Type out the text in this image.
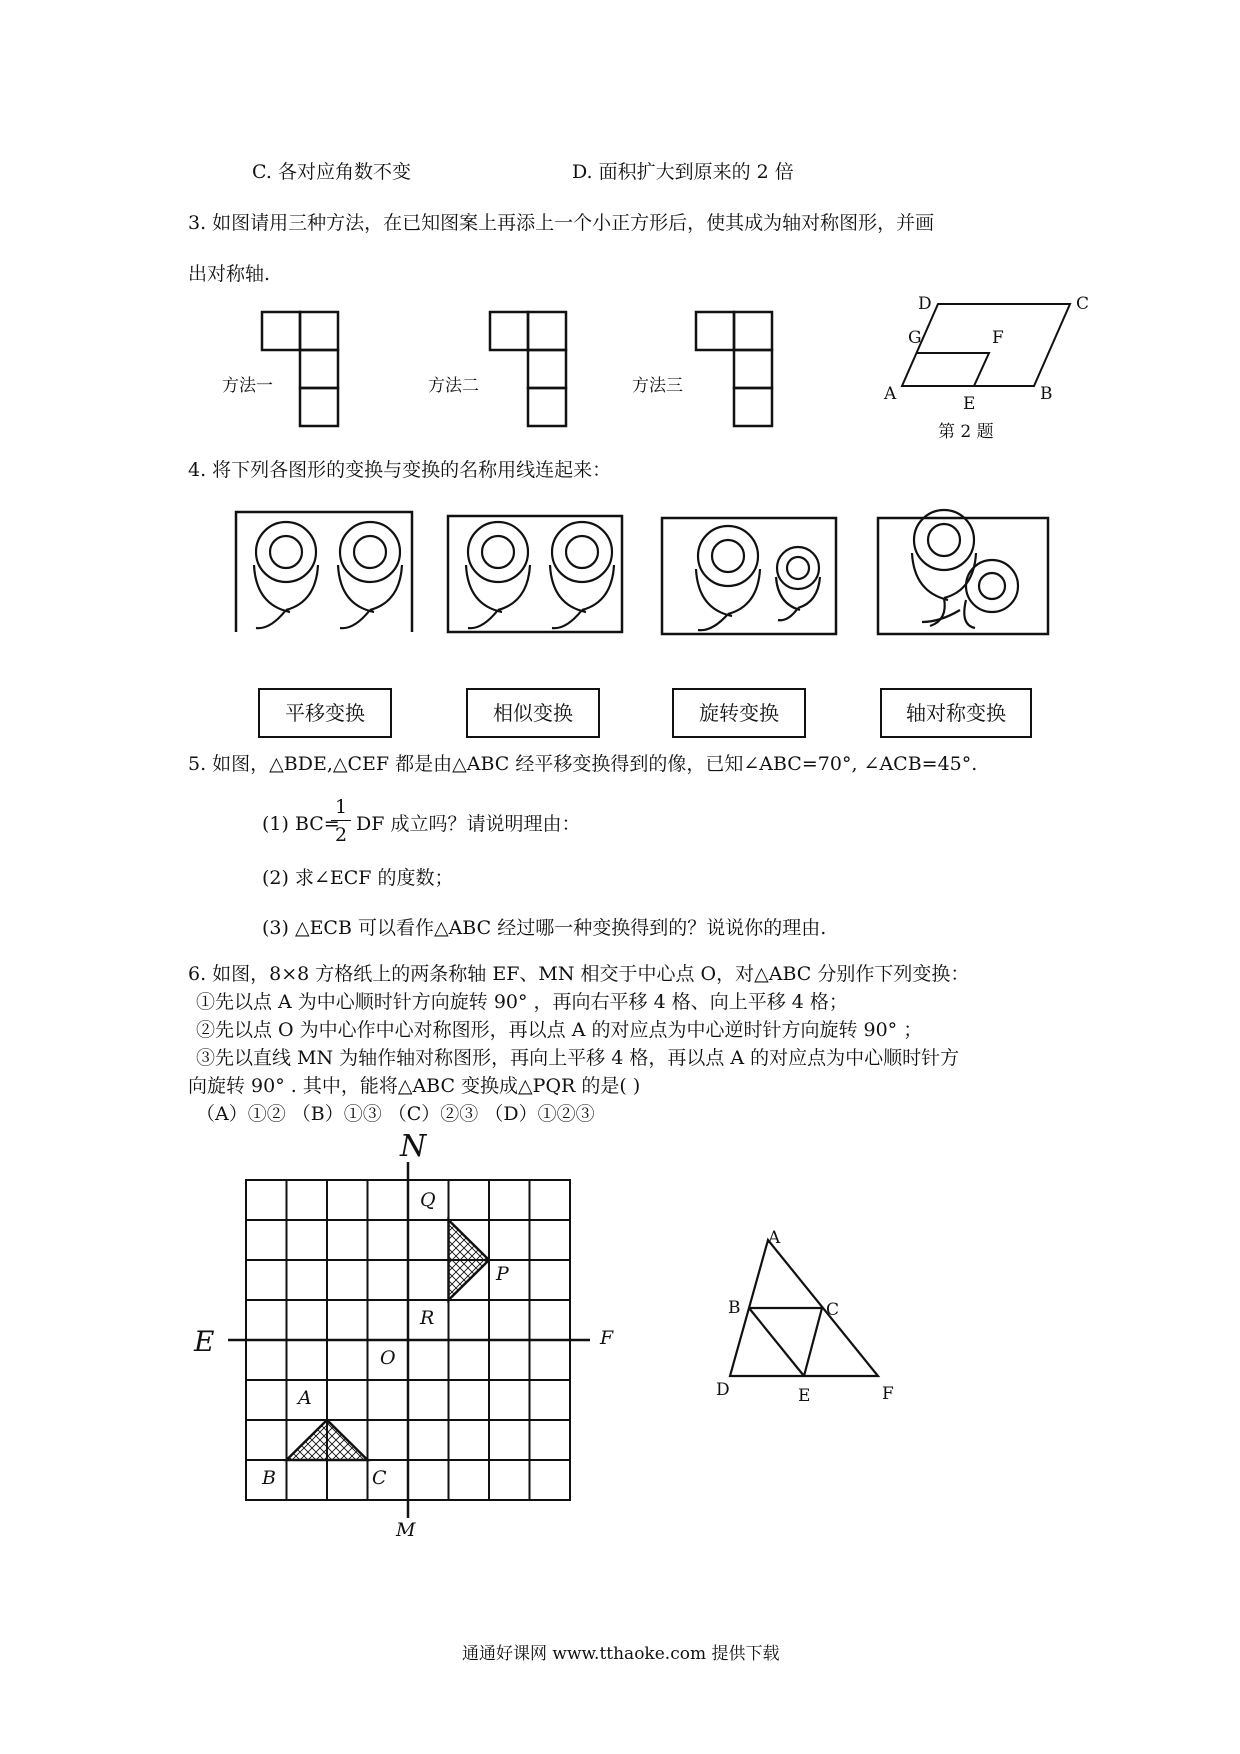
C. 各对应角数不变	D. 面积扩大到原来的 2 倍
3. 如图请用三种方法，在已知图案上再添上一个小正方形后，使其成为轴对称图形，并画
出对称轴.
方法一	方法二	方法三
D	C
G	F
A	E	B
第 2 题
4. 将下列各图形的变换与变换的名称用线连起来：
平移变换	相似变换	旋转变换	轴对称变换
5. 如图，△BDE,△CEF 都是由△ABC 经平移变换得到的像，已知∠ABC=70°, ∠ACB=45°.
(1) BC=
1
2 DF 成立吗？请说明理由：
(2) 求∠ECF 的度数；
(3) △ECB 可以看作△ABC 经过哪一种变换得到的？说说你的理由.
6. 如图，8×8 方格纸上的两条称轴 EF、MN 相交于中心点 O，对△ABC 分别作下列变换：
①先以点 A 为中心顺时针方向旋转 90° ，再向右平移 4 格、向上平移 4 格；
②先以点 O 为中心作中心对称图形，再以点 A 的对应点为中心逆时针方向旋转 90° ；
③先以直线 MN 为轴作轴对称图形，再向上平移 4 格，再以点 A 的对应点为中心顺时针方
向旋转 90° . 其中，能将△ABC 变换成△PQR 的是( )
（A）①② （B）①③ （C）②③ （D）①②③
N
M
E	F
O
Q
P
R
A
B	C
A
B	C
D	E	F
通通好课网 www.tthaoke.com 提供下载
